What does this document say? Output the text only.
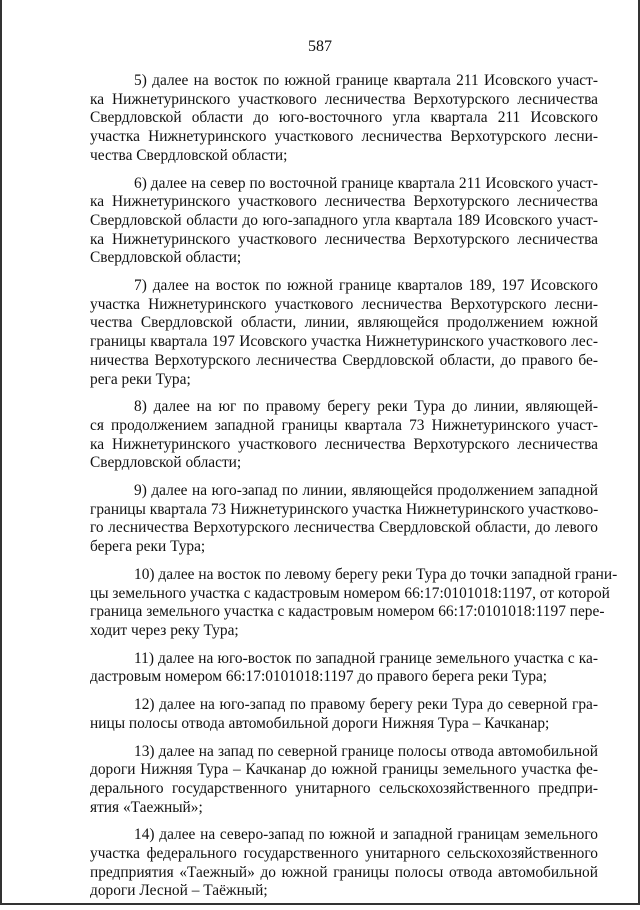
587
5) далее на восток по южной границе квартала 211 Исовского участ-
ка Нижнетуринского участкового лесничества Верхотурского лесничества
Свердловской области до юго-восточного угла квартала 211 Исовского
участка Нижнетуринского участкового лесничества Верхотурского лесни-
чества Свердловской области;
6) далее на север по восточной границе квартала 211 Исовского участ-
ка Нижнетуринского участкового лесничества Верхотурского лесничества
Свердловской области до юго-западного угла квартала 189 Исовского участ-
ка Нижнетуринского участкового лесничества Верхотурского лесничества
Свердловской области;
7) далее на восток по южной границе кварталов 189, 197 Исовского
участка Нижнетуринского участкового лесничества Верхотурского лесни-
чества Свердловской области, линии, являющейся продолжением южной
границы квартала 197 Исовского участка Нижнетуринского участкового лес-
ничества Верхотурского лесничества Свердловской области, до правого бе-
рега реки Тура;
8) далее на юг по правому берегу реки Тура до линии, являющей-
ся продолжением западной границы квартала 73 Нижнетуринского участ-
ка Нижнетуринского участкового лесничества Верхотурского лесничества
Свердловской области;
9) далее на юго-запад по линии, являющейся продолжением западной
границы квартала 73 Нижнетуринского участка Нижнетуринского участково-
го лесничества Верхотурского лесничества Свердловской области, до левого
берега реки Тура;
10) далее на восток по левому берегу реки Тура до точки западной грани-
цы земельного участка с кадастровым номером 66:17:0101018:1197, от которой
граница земельного участка с кадастровым номером 66:17:0101018:1197 пере-
ходит через реку Тура;
11) далее на юго-восток по западной границе земельного участка с ка-
дастровым номером 66:17:0101018:1197 до правого берега реки Тура;
12) далее на юго-запад по правому берегу реки Тура до северной гра-
ницы полосы отвода автомобильной дороги Нижняя Тура – Качканар;
13) далее на запад по северной границе полосы отвода автомобильной
дороги Нижняя Тура – Качканар до южной границы земельного участка фе-
дерального государственного унитарного сельскохозяйственного предпри-
ятия «Таежный»;
14) далее на северо-запад по южной и западной границам земельного
участка федерального государственного унитарного сельскохозяйственного
предприятия «Таежный» до южной границы полосы отвода автомобильной
дороги Лесной – Таёжный;
